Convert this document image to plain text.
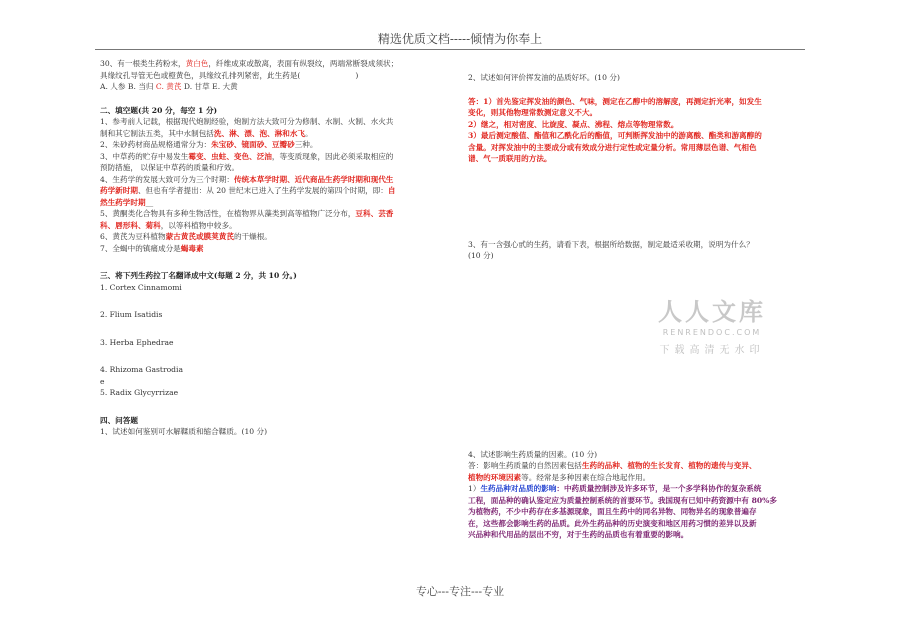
精选优质文档-----倾情为你奉上

30、有一根类生药粉末，黄白色，纤维成束或散离，表面有纵裂纹，两端常断裂成须状；

具缘纹孔导管无色或橙黄色，具缘纹孔排列紧密，此生药是(	)

A. 人参 B. 当归 C. 黄芪 D. 甘草 E. 大黄

二、填空题(共 20 分，每空 1 分)

1、参考前人记载，根据现代炮制经验，炮制方法大致可分为修制、水制、火制、水火共

制和其它制法五类，其中水制包括洗、淋、漂、泡、淋和水飞。

2、朱砂药材商品规格通常分为：朱宝砂、镜面砂、豆瓣砂三种。

3、中草药的贮存中易发生霉变、虫蛀、变色、泛油，等变质现象，因此必须采取相应的

预防措施， 以保证中草药的质量和疗效。

4、生药学的发展大致可分为三个时期：传统本草学时期、近代商品生药学时期和现代生

药学新时期、但也有学者提出：从 20 世纪末已进入了生药学发展的第四个时期，即：自

然生药学时期__

5、黄酮类化合物具有多种生物活性，在植物界从藻类到高等植物广泛分布，豆科、芸香

科、唇形科、菊科，以等科植物中较多。

6、黄芪为豆科植物蒙古黄芪或膜荚黄芪的干燥根。

7、全蝎中的镇痛成分是蝎毒素

三、将下列生药拉丁名翻译成中文(每题 2 分，共 10 分。)

1. Cortex Cinnamomi

2. Flium Isatidis

3. Herba Ephedrae

4. Rhizoma Gastrodia

e

5. Radix Glycyrrizae

四、问答题

1、试述如何鉴别可水解鞣质和缩合鞣质。(10 分)

2、试述如何评价挥发油的品质好坏。(10 分)

答：1）首先鉴定挥发油的颜色、气味，测定在乙醇中的溶解度，再测定折光率，如发生

变化，则其他物理常数测定意义不大。

2）继之，相对密度、比旋度、凝点、沸程、熔点等物理常数。

3）最后测定酸值、酯值和乙酰化后的酯值，可判断挥发油中的游离酸、酯类和游离醇的

含量。对挥发油中的主要成分或有效成分进行定性或定量分析。常用薄层色谱、气相色

谱、气一质联用的方法。

3、有一含强心甙的生药，请看下表，根据所给数据，制定最适采收期，说明为什么？

(10 分)

4、试述影响生药质量的因素。(10 分)

答：影响生药质量的自然因素包括生药的品种、植物的生长发育、植物的遗传与变异、

植物的环境因素等。经常是多种因素在综合地起作用。

1）生药品种对品质的影响：中药质量控制涉及许多环节，是一个多学科协作的复杂系统

工程，面品种的确认鉴定应为质量控制系统的首要环节。我国现有已知中药资源中有 80%多

为植物药，不少中药存在多基源现象，面且生药中的同名异物、同物异名的现象普遍存

在，这些都会影响生药的品质。此外生药品种的历史演变和地区用药习惯的差异以及新

兴品种和代用品的层出不穷，对于生药的品质也有着重要的影响。

人人文库
RENRENDOC.COM
下载高清无水印
专心---专注---专业
